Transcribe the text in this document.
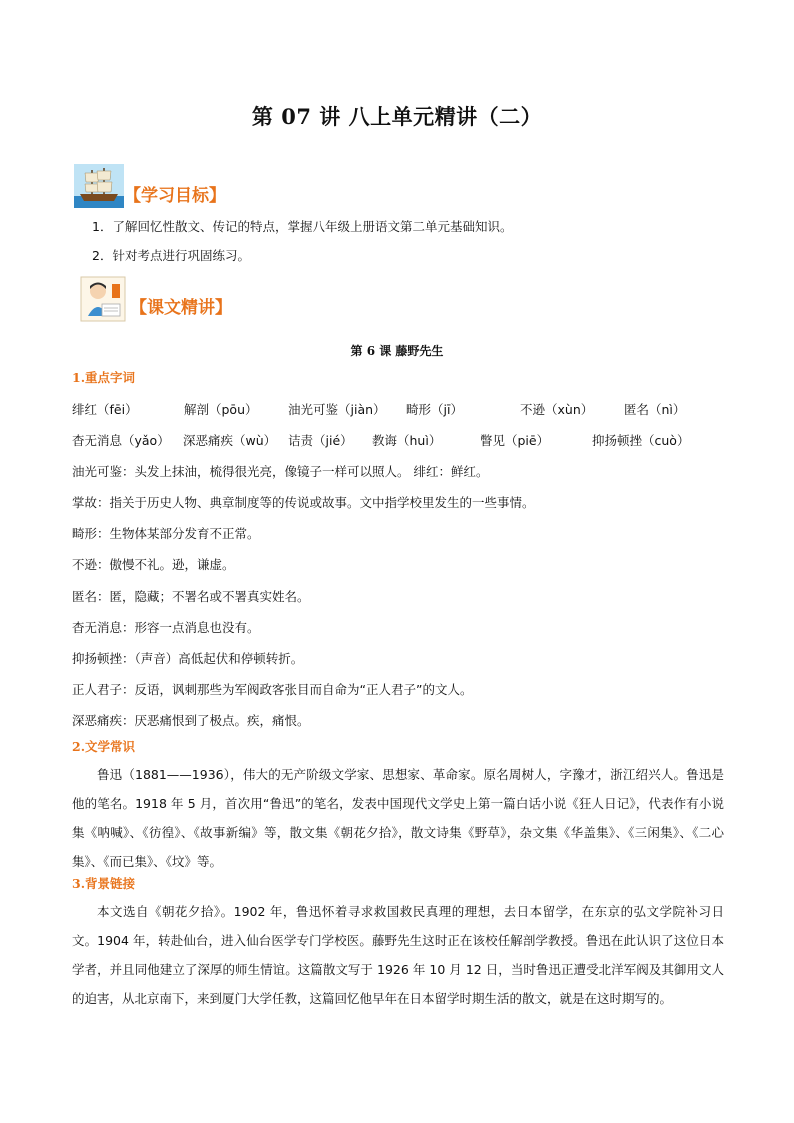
第 07 讲 八上单元精讲（二）
【学习目标】
1．了解回忆性散文、传记的特点，掌握八年级上册语文第二单元基础知识。
2．针对考点进行巩固练习。
【课文精讲】
第 6 课 藤野先生
1.重点字词
绯红（fēi）	解剖（pōu） 油光可鉴（jiàn） 畸形（jī）	不逊（xùn） 匿名（nì）
杳无消息（yǎo） 深恶痛疾（wù） 诘责（jié） 教诲（huì）	瞥见（piē）	抑扬顿挫（cuò）
油光可鉴：头发上抹油，梳得很光亮，像镜子一样可以照人。 绯红：鲜红。
掌故：指关于历史人物、典章制度等的传说或故事。文中指学校里发生的一些事情。
畸形：生物体某部分发育不正常。
不逊：傲慢不礼。逊，谦虚。
匿名：匿，隐藏；不署名或不署真实姓名。
杳无消息：形容一点消息也没有。
抑扬顿挫：（声音）高低起伏和停顿转折。
正人君子：反语，讽刺那些为军阀政客张目而自命为“正人君子”的文人。
深恶痛疾：厌恶痛恨到了极点。疾，痛恨。
2.文学常识
鲁迅（1881——1936），伟大的无产阶级文学家、思想家、革命家。原名周树人，字豫才，浙江绍兴人。鲁迅是他的笔名。1918 年 5 月，首次用“鲁迅”的笔名，发表中国现代文学史上第一篇白话小说《狂人日记》，代表作有小说集《呐喊》、《彷徨》、《故事新编》等，散文集《朝花夕拾》，散文诗集《野草》，杂文集《华盖集》、《三闲集》、《二心集》、《而已集》、《坟》等。
3.背景链接
本文选自《朝花夕拾》。1902 年，鲁迅怀着寻求救国救民真理的理想，去日本留学，在东京的弘文学院补习日文。1904 年，转赴仙台，进入仙台医学专门学校医。藤野先生这时正在该校任解剖学教授。鲁迅在此认识了这位日本学者，并且同他建立了深厚的师生情谊。这篇散文写于 1926 年 10 月 12 日，当时鲁迅正遭受北洋军阀及其御用文人的迫害，从北京南下，来到厦门大学任教，这篇回忆他早年在日本留学时期生活的散文，就是在这时期写的。
